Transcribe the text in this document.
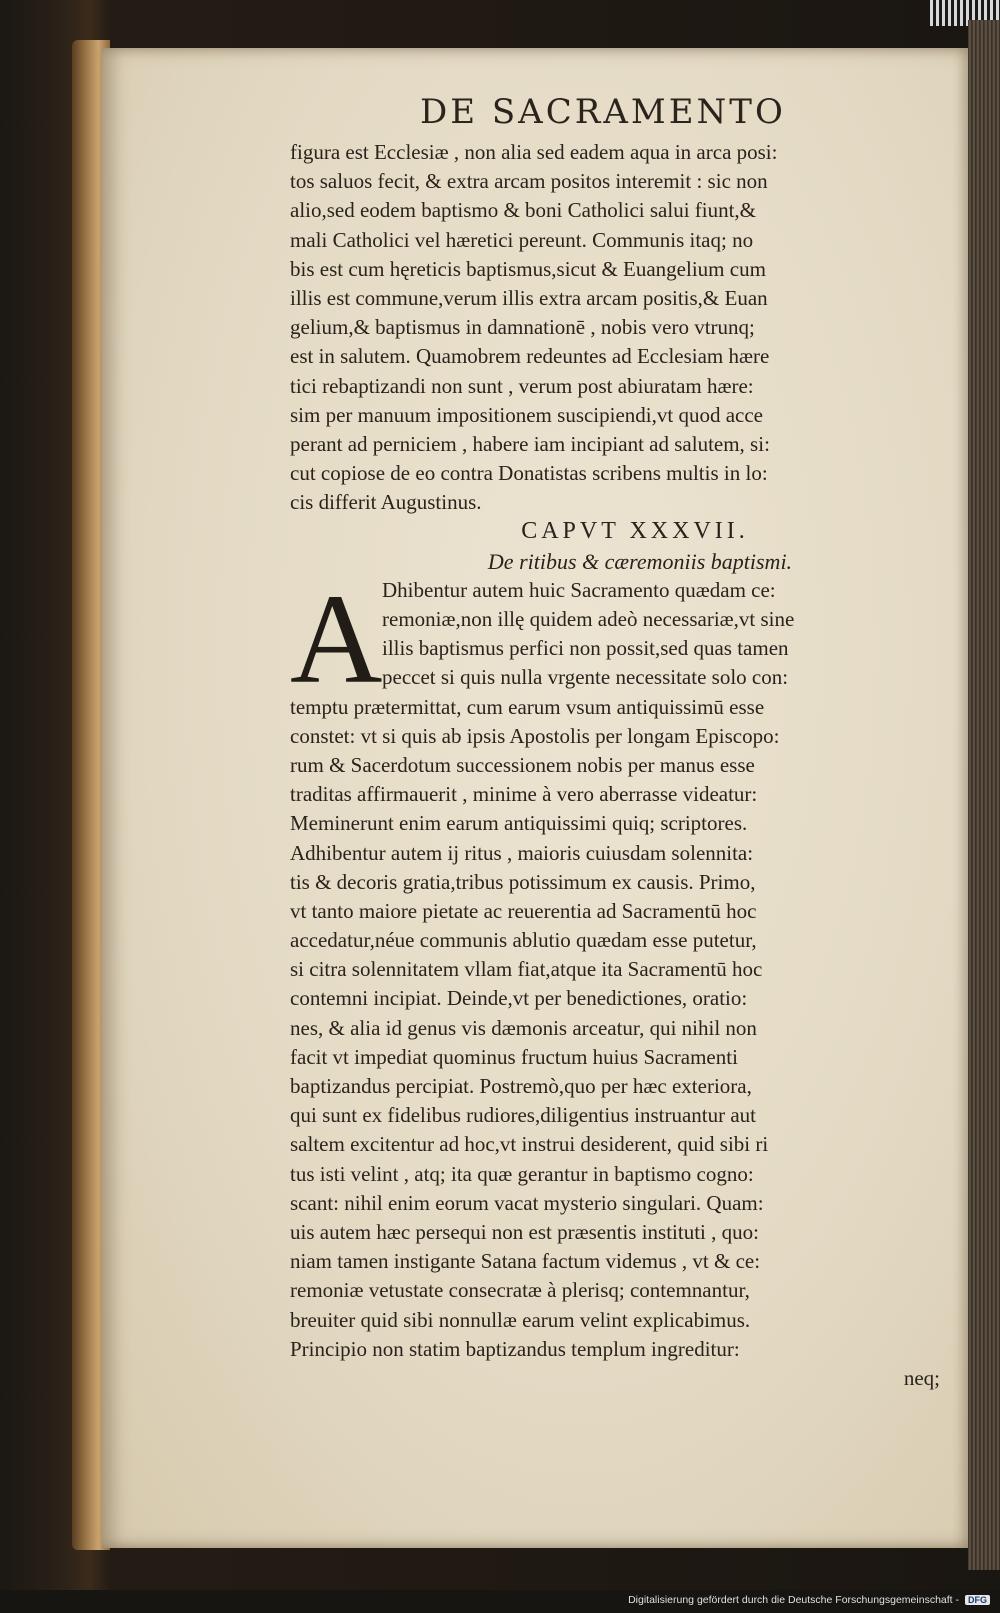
DE SACRAMENTO
A
figura est Ecclesiæ , non alia sed eadem aqua in arca posi:
tos saluos fecit, & extra arcam positos interemit : sic non
alio,sed eodem baptismo & boni Catholici salui fiunt,&
mali Catholici vel hæretici pereunt. Communis itaq; no
bis est cum hęreticis baptismus,sicut & Euangelium cum
illis est commune,verum illis extra arcam positis,& Euan
gelium,& baptismus in damnationē , nobis vero vtrunq;
est in salutem. Quamobrem redeuntes ad Ecclesiam hære
tici rebaptizandi non sunt , verum post abiuratam hære:
sim per manuum impositionem suscipiendi,vt quod acce
perant ad perniciem , habere iam incipiant ad salutem, si:
cut copiose de eo contra Donatistas scribens multis in lo:
cis differit Augustinus.
CAPVT XXXVII.
De ritibus & cæremoniis baptismi.
Dhibentur autem huic Sacramento quædam ce:
remoniæ,non illę quidem adeò necessariæ,vt sine
illis baptismus perfici non possit,sed quas tamen
peccet si quis nulla vrgente necessitate solo con:
temptu prætermittat, cum earum vsum antiquissimū esse
constet: vt si quis ab ipsis Apostolis per longam Episcopo:
rum & Sacerdotum successionem nobis per manus esse
traditas affirmauerit , minime à vero aberrasse videatur:
Meminerunt enim earum antiquissimi quiq; scriptores.
Adhibentur autem ij ritus , maioris cuiusdam solennita:
tis & decoris gratia,tribus potissimum ex causis. Primo,
vt tanto maiore pietate ac reuerentia ad Sacramentū hoc
accedatur,néue communis ablutio quædam esse putetur,
si citra solennitatem vllam fiat,atque ita Sacramentū hoc
contemni incipiat. Deinde,vt per benedictiones, oratio:
nes, & alia id genus vis dæmonis arceatur, qui nihil non
facit vt impediat quominus fructum huius Sacramenti
baptizandus percipiat. Postremò,quo per hæc exteriora,
qui sunt ex fidelibus rudiores,diligentius instruantur aut
saltem excitentur ad hoc,vt instrui desiderent, quid sibi ri
tus isti velint , atq; ita quæ gerantur in baptismo cogno:
scant: nihil enim eorum vacat mysterio singulari. Quam:
uis autem hæc persequi non est præsentis instituti , quo:
niam tamen instigante Satana factum videmus , vt & ce:
remoniæ vetustate consecratæ à plerisq; contemnantur,
breuiter quid sibi nonnullæ earum velint explicabimus.
Principio non statim baptizandus templum ingreditur:
neq;
Digitalisierung gefördert durch die Deutsche Forschungsgemeinschaft -	DFG
